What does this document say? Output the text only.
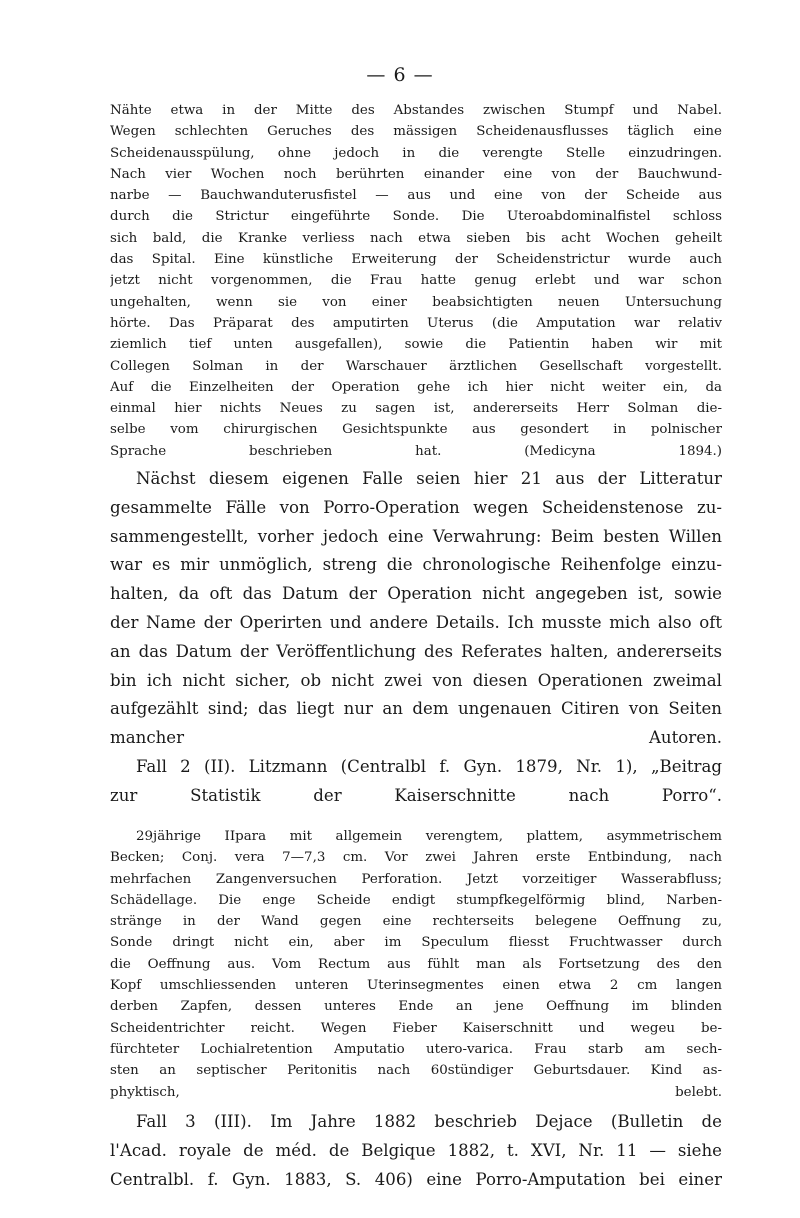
— 6 —
Nähte etwa in der Mitte des Abstandes zwischen Stumpf und Nabel.
Wegen schlechten Geruches des mässigen Scheidenausflusses täglich eine
Scheidenausspülung, ohne jedoch in die verengte Stelle einzudringen.
Nach vier Wochen noch berührten einander eine von der Bauchwund-
narbe — Bauchwanduterusfistel — aus und eine von der Scheide aus
durch die Strictur eingeführte Sonde. Die Uteroabdominalfistel schloss
sich bald, die Kranke verliess nach etwa sieben bis acht Wochen geheilt
das Spital. Eine künstliche Erweiterung der Scheidenstrictur wurde auch
jetzt nicht vorgenommen, die Frau hatte genug erlebt und war schon
ungehalten, wenn sie von einer beabsichtigten neuen Untersuchung
hörte. Das Präparat des amputirten Uterus (die Amputation war relativ
ziemlich tief unten ausgefallen), sowie die Patientin haben wir mit
Collegen Solman in der Warschauer ärztlichen Gesellschaft vorgestellt.
Auf die Einzelheiten der Operation gehe ich hier nicht weiter ein, da
einmal hier nichts Neues zu sagen ist, andererseits Herr Solman die-
selbe vom chirurgischen Gesichtspunkte aus gesondert in polnischer
Sprache beschrieben hat. (Medicyna 1894.)
Nächst diesem eigenen Falle seien hier 21 aus der Litteratur
gesammelte Fälle von Porro-Operation wegen Scheidenstenose zu-
sammengestellt, vorher jedoch eine Verwahrung: Beim besten Willen
war es mir unmöglich, streng die chronologische Reihenfolge einzu-
halten, da oft das Datum der Operation nicht angegeben ist, sowie
der Name der Operirten und andere Details. Ich musste mich also oft
an das Datum der Veröffentlichung des Referates halten, andererseits
bin ich nicht sicher, ob nicht zwei von diesen Operationen zweimal
aufgezählt sind; das liegt nur an dem ungenauen Citiren von Seiten
mancher Autoren.
Fall 2 (II). Litzmann (Centralbl f. Gyn. 1879, Nr. 1), „Beitrag
zur Statistik der Kaiserschnitte nach Porro“.
29jährige IIpara mit allgemein verengtem, plattem, asymmetrischem
Becken; Conj. vera 7—7,3 cm. Vor zwei Jahren erste Entbindung, nach
mehrfachen Zangenversuchen Perforation. Jetzt vorzeitiger Wasserabfluss;
Schädellage. Die enge Scheide endigt stumpfkegelförmig blind, Narben-
stränge in der Wand gegen eine rechterseits belegene Oeffnung zu,
Sonde dringt nicht ein, aber im Speculum fliesst Fruchtwasser durch
die Oeffnung aus. Vom Rectum aus fühlt man als Fortsetzung des den
Kopf umschliessenden unteren Uterinsegmentes einen etwa 2 cm langen
derben Zapfen, dessen unteres Ende an jene Oeffnung im blinden
Scheidentrichter reicht. Wegen Fieber Kaiserschnitt und wegeu be-
fürchteter Lochialretention Amputatio utero-varica. Frau starb am sech-
sten an septischer Peritonitis nach 60stündiger Geburtsdauer. Kind as-
phyktisch, belebt.
Fall 3 (III). Im Jahre 1882 beschrieb Dejace (Bulletin de
l'Acad. royale de méd. de Belgique 1882, t. XVI, Nr. 11 — siehe
Centralbl. f. Gyn. 1883, S. 406) eine Porro-Amputation bei einer
